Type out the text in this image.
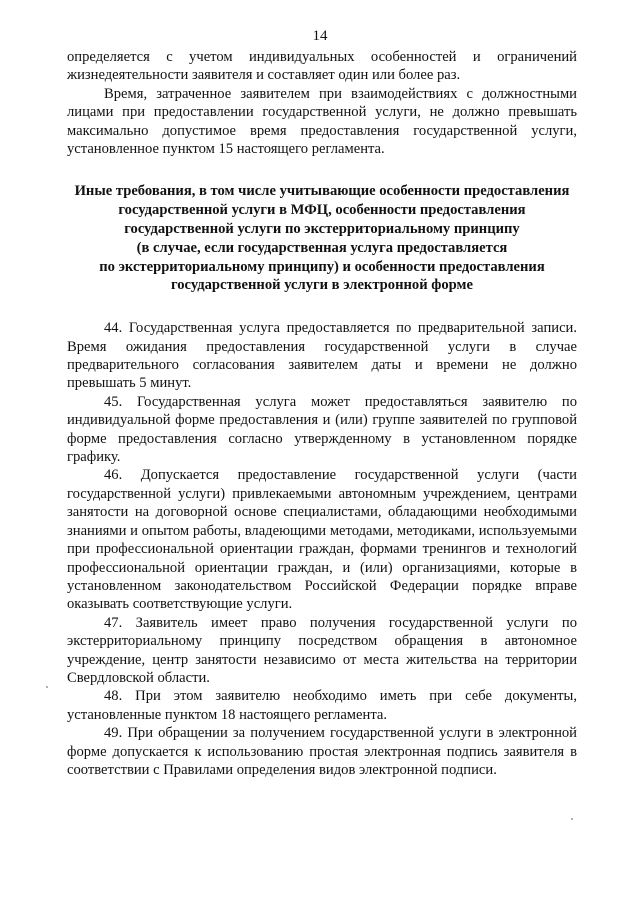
14

определяется с учетом индивидуальных особенностей и ограничений жизнедеятельности заявителя и составляет один или более раз.

Время, затраченное заявителем при взаимодействиях с должностными лицами при предоставлении государственной услуги, не должно превышать максимально допустимое время предоставления государственной услуги, установленное пунктом 15 настоящего регламента.

Иные требования, в том числе учитывающие особенности предоставления
государственной услуги в МФЦ, особенности предоставления
государственной услуги по экстерриториальному принципу
(в случае, если государственная услуга предоставляется
по экстерриториальному принципу) и особенности предоставления
государственной услуги в электронной форме

44. Государственная услуга предоставляется по предварительной записи. Время ожидания предоставления государственной услуги в случае предварительного согласования заявителем даты и времени не должно превышать 5 минут.

45. Государственная услуга может предоставляться заявителю по индивидуальной форме предоставления и (или) группе заявителей по групповой форме предоставления согласно утвержденному в установленном порядке графику.

46. Допускается предоставление государственной услуги (части государственной услуги) привлекаемыми автономным учреждением, центрами занятости на договорной основе специалистами, обладающими необходимыми знаниями и опытом работы, владеющими методами, методиками, используемыми при профессиональной ориентации граждан, формами тренингов и технологий профессиональной ориентации граждан, и (или) организациями, которые в установленном законодательством Российской Федерации порядке вправе оказывать соответствующие услуги.

47. Заявитель имеет право получения государственной услуги по экстерриториальному принципу посредством обращения в автономное учреждение, центр занятости независимо от места жительства на территории Свердловской области.

48. При этом заявителю необходимо иметь при себе документы, установленные пунктом 18 настоящего регламента.

49. При обращении за получением государственной услуги в электронной форме допускается к использованию простая электронная подпись заявителя в соответствии с Правилами определения видов электронной подписи.
